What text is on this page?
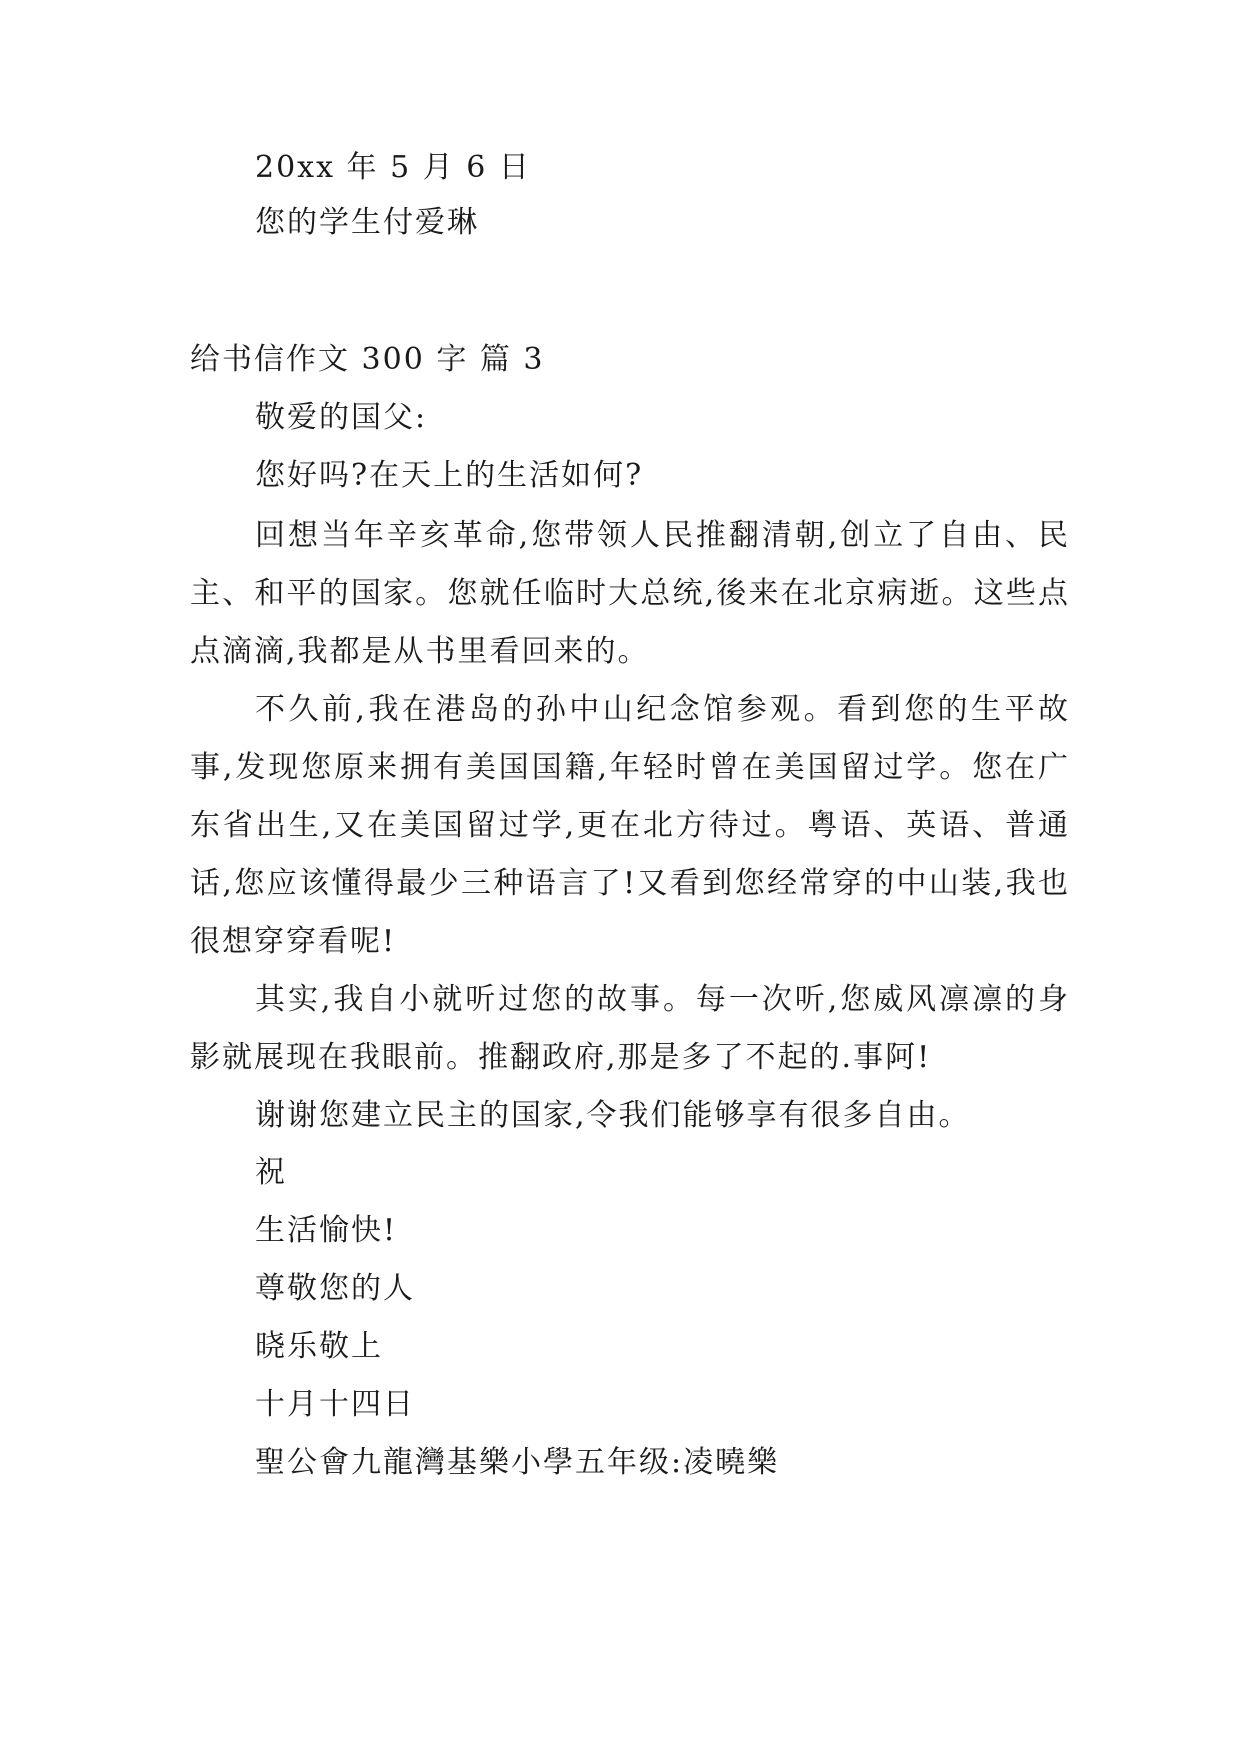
20xx 年 5 月 6 日
您的学生付爱琳
给书信作文 300 字 篇 3
敬爱的国父:
您好吗?在天上的生活如何?
回想当年辛亥革命,您带领人民推翻清朝,创立了自由、民主、和平的国家。您就任临时大总统,後来在北京病逝。这些点点滴滴,我都是从书里看回来的。
不久前,我在港岛的孙中山纪念馆参观。看到您的生平故事,发现您原来拥有美国国籍,年轻时曾在美国留过学。您在广东省出生,又在美国留过学,更在北方待过。粤语、英语、普通话,您应该懂得最少三种语言了!又看到您经常穿的中山装,我也很想穿穿看呢!
其实,我自小就听过您的故事。每一次听,您威风凛凛的身影就展现在我眼前。推翻政府,那是多了不起的.事阿!
谢谢您建立民主的国家,令我们能够享有很多自由。
祝
生活愉快!
尊敬您的人
晓乐敬上
十月十四日
聖公會九龍灣基樂小學五年级:凌曉樂
